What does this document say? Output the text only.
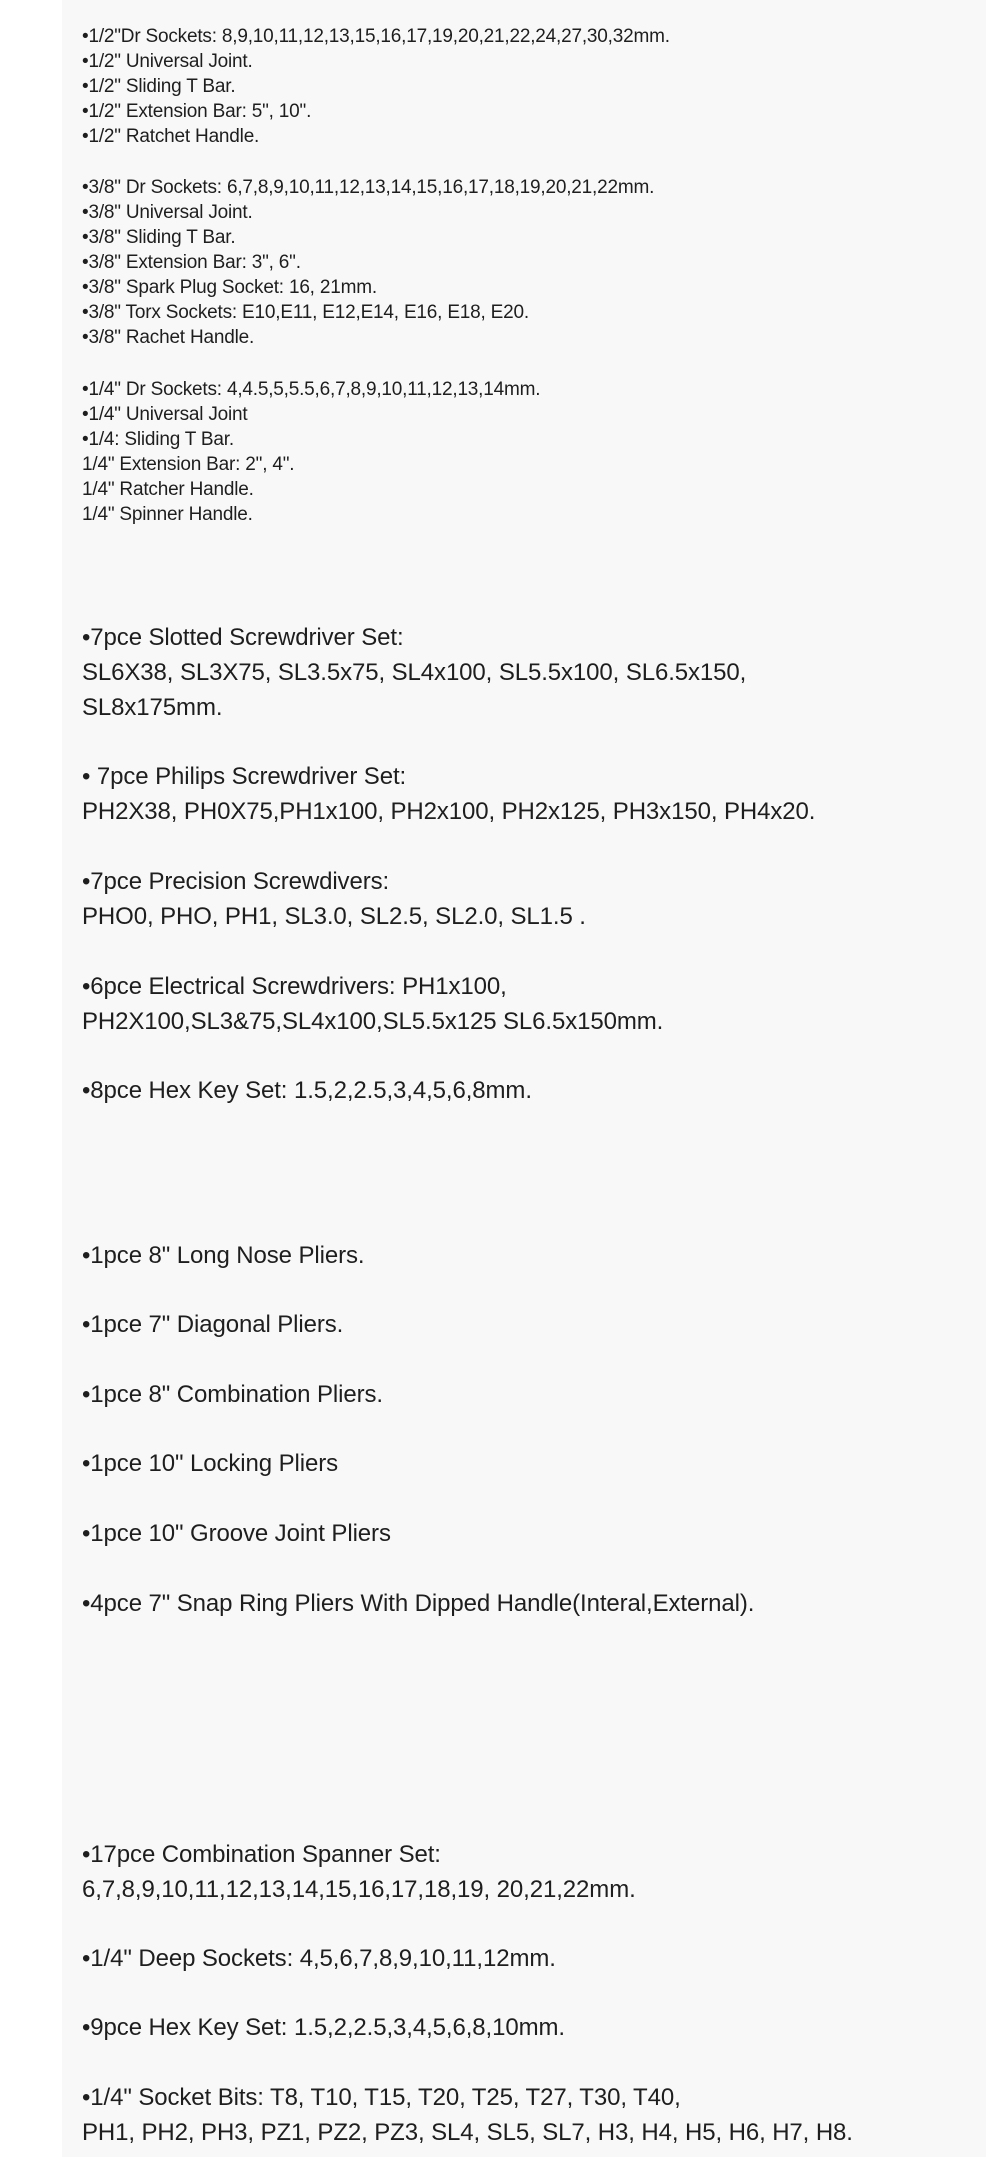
•1/2"Dr Sockets: 8,9,10,11,12,13,15,16,17,19,20,21,22,24,27,30,32mm.

•1/2" Universal Joint.

•1/2" Sliding T Bar.

•1/2" Extension Bar: 5", 10".

•1/2" Ratchet Handle.

•3/8" Dr Sockets: 6,7,8,9,10,11,12,13,14,15,16,17,18,19,20,21,22mm.

•3/8" Universal Joint.

•3/8" Sliding T Bar.

•3/8" Extension Bar: 3", 6".

•3/8" Spark Plug Socket: 16, 21mm.

•3/8" Torx Sockets: E10,E11, E12,E14, E16, E18, E20.

•3/8" Rachet Handle.

•1/4" Dr Sockets: 4,4.5,5,5.5,6,7,8,9,10,11,12,13,14mm.

•1/4" Universal Joint

•1/4: Sliding T Bar.

1/4" Extension Bar: 2", 4".

1/4" Ratcher Handle.

1/4" Spinner Handle.

•7pce Slotted Screwdriver Set:

SL6X38, SL3X75, SL3.5x75, SL4x100, SL5.5x100, SL6.5x150,

SL8x175mm.

• 7pce Philips Screwdriver Set:

PH2X38, PH0X75,PH1x100, PH2x100, PH2x125, PH3x150, PH4x20.

•7pce Precision Screwdivers:

PHO0, PHO, PH1, SL3.0, SL2.5, SL2.0, SL1.5 .

•6pce Electrical Screwdrivers: PH1x100,

PH2X100,SL3&75,SL4x100,SL5.5x125 SL6.5x150mm.

•8pce Hex Key Set: 1.5,2,2.5,3,4,5,6,8mm.

•1pce 8" Long Nose Pliers.

•1pce 7" Diagonal Pliers.

•1pce 8" Combination Pliers.

•1pce 10" Locking Pliers

•1pce 10" Groove Joint Pliers

•4pce 7" Snap Ring Pliers With Dipped Handle(Interal,External).

•17pce Combination Spanner Set:

6,7,8,9,10,11,12,13,14,15,16,17,18,19, 20,21,22mm.

•1/4" Deep Sockets: 4,5,6,7,8,9,10,11,12mm.

•9pce Hex Key Set: 1.5,2,2.5,3,4,5,6,8,10mm.

•1/4" Socket Bits: T8, T10, T15, T20, T25, T27, T30, T40,

PH1, PH2, PH3, PZ1, PZ2, PZ3, SL4, SL5, SL7, H3, H4, H5, H6, H7, H8.
